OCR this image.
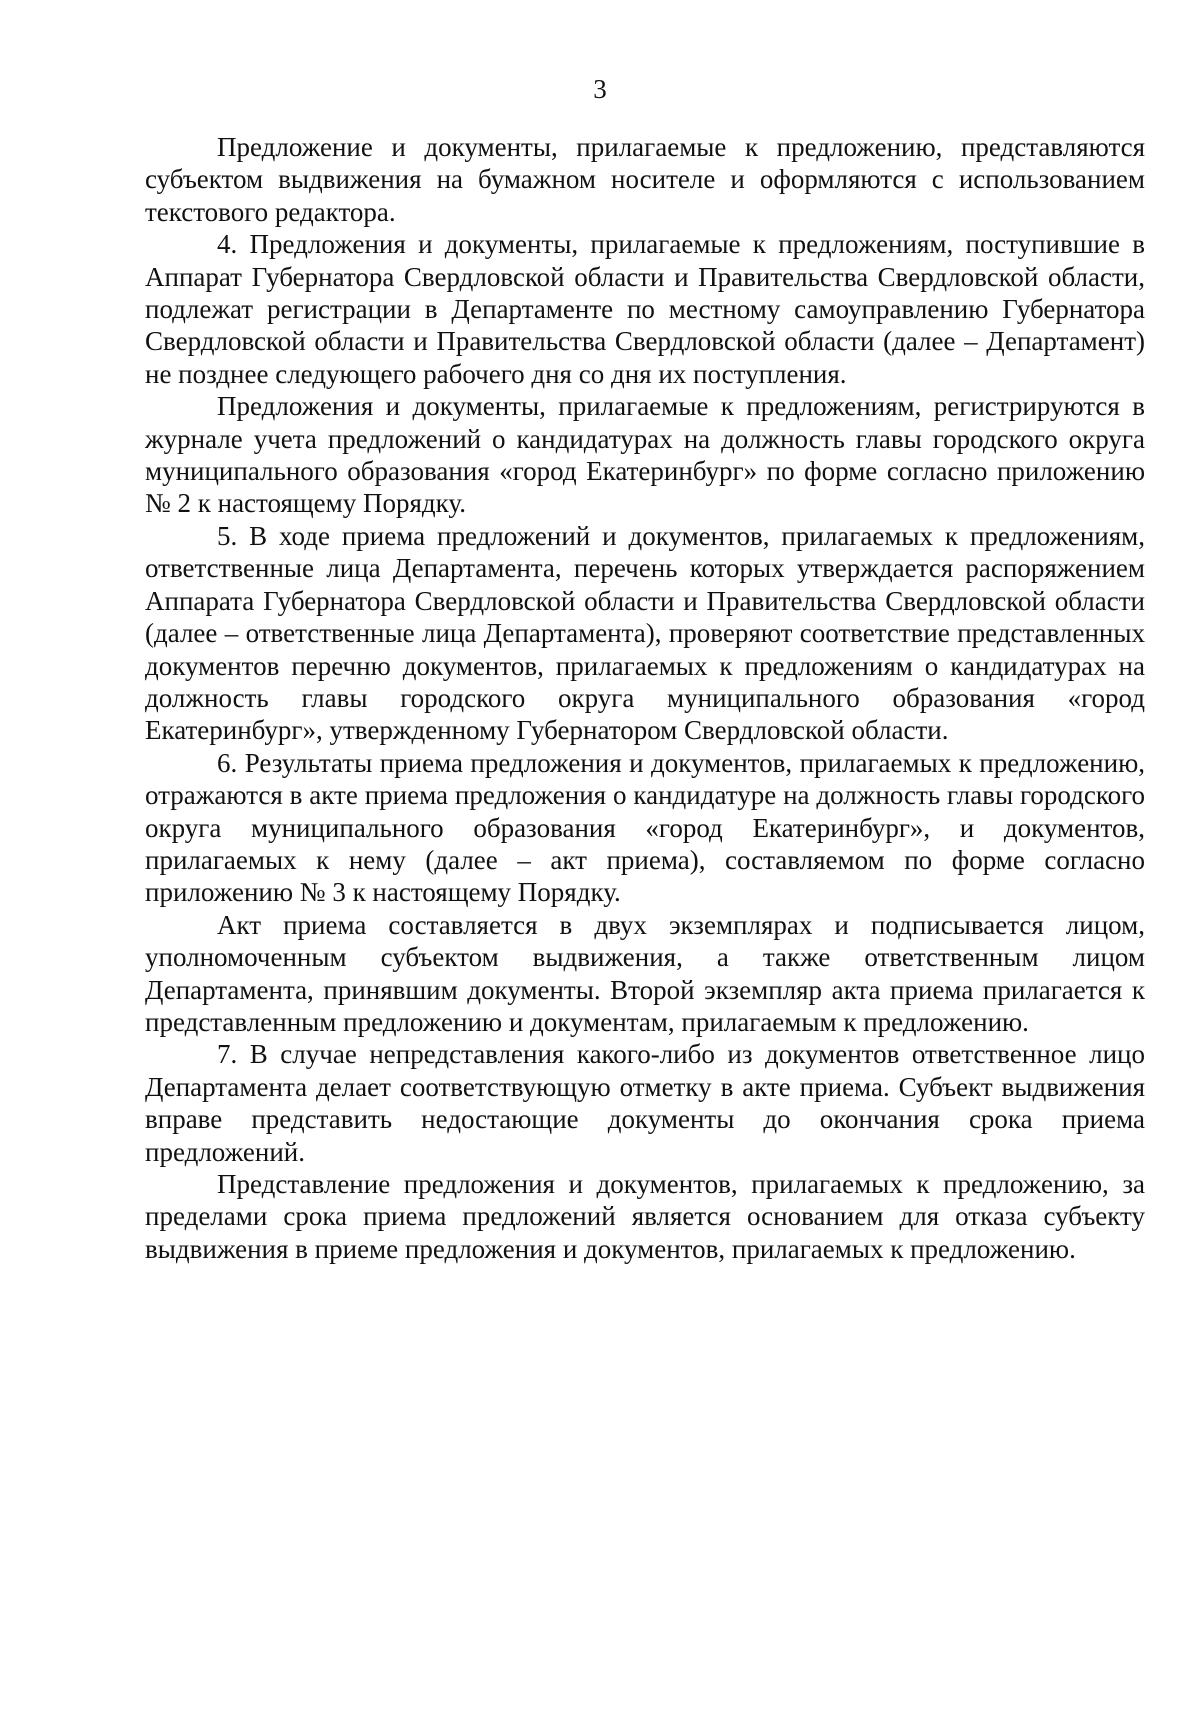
3

Предложение и документы, прилагаемые к предложению, представляются субъектом выдвижения на бумажном носителе и оформляются с использованием текстового редактора.

4. Предложения и документы, прилагаемые к предложениям, поступившие в Аппарат Губернатора Свердловской области и Правительства Свердловской области, подлежат регистрации в Департаменте по местному самоуправлению Губернатора Свердловской области и Правительства Свердловской области (далее – Департамент) не позднее следующего рабочего дня со дня их поступления.

Предложения и документы, прилагаемые к предложениям, регистрируются в журнале учета предложений о кандидатурах на должность главы городского округа муниципального образования «город Екатеринбург» по форме согласно приложению № 2 к настоящему Порядку.

5. В ходе приема предложений и документов, прилагаемых к предложениям, ответственные лица Департамента, перечень которых утверждается распоряжением Аппарата Губернатора Свердловской области и Правительства Свердловской области (далее – ответственные лица Департамента), проверяют соответствие представленных документов перечню документов, прилагаемых к предложениям о кандидатурах на должность главы городского округа муниципального образования «город Екатеринбург», утвержденному Губернатором Свердловской области.

6. Результаты приема предложения и документов, прилагаемых к предложению, отражаются в акте приема предложения о кандидатуре на должность главы городского округа муниципального образования «город Екатеринбург», и документов, прилагаемых к нему (далее – акт приема), составляемом по форме согласно приложению № 3 к настоящему Порядку.

Акт приема составляется в двух экземплярах и подписывается лицом, уполномоченным субъектом выдвижения, а также ответственным лицом Департамента, принявшим документы. Второй экземпляр акта приема прилагается к представленным предложению и документам, прилагаемым к предложению.

7. В случае непредставления какого-либо из документов ответственное лицо Департамента делает соответствующую отметку в акте приема. Субъект выдвижения вправе представить недостающие документы до окончания срока приема предложений.

Представление предложения и документов, прилагаемых к предложению, за пределами срока приема предложений является основанием для отказа субъекту выдвижения в приеме предложения и документов, прилагаемых к предложению.
